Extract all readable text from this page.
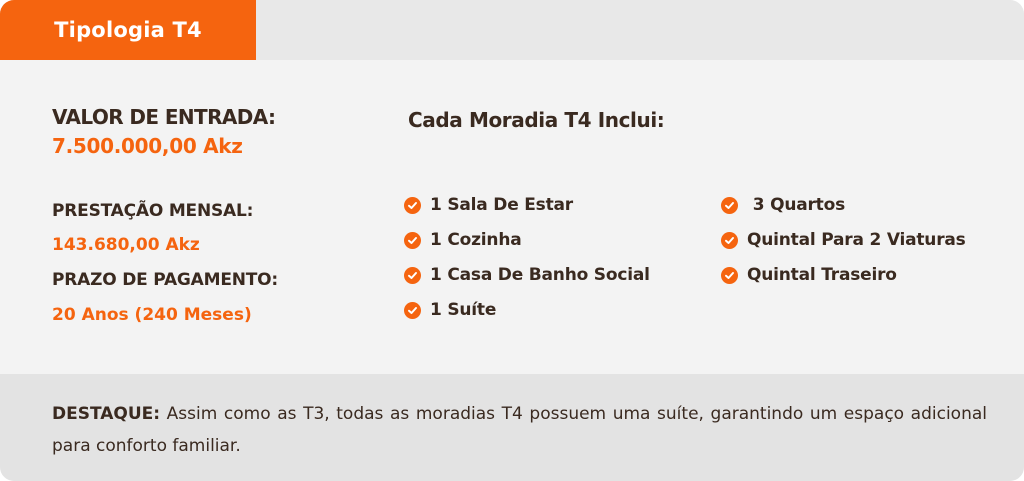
Tipologia T4
VALOR DE ENTRADA:
7.500.000,00 Akz
PRESTAÇÃO MENSAL:
143.680,00 Akz
PRAZO DE PAGAMENTO:
20 Anos (240 Meses)
Cada Moradia T4 Inclui:
1 Sala De Estar
1 Cozinha
1 Casa De Banho Social
1 Suíte
3 Quartos
Quintal Para 2 Viaturas
Quintal Traseiro

DESTAQUE: Assim como as T3, todas as moradias T4 possuem uma suíte, garantindo um espaço adicional para conforto familiar.
